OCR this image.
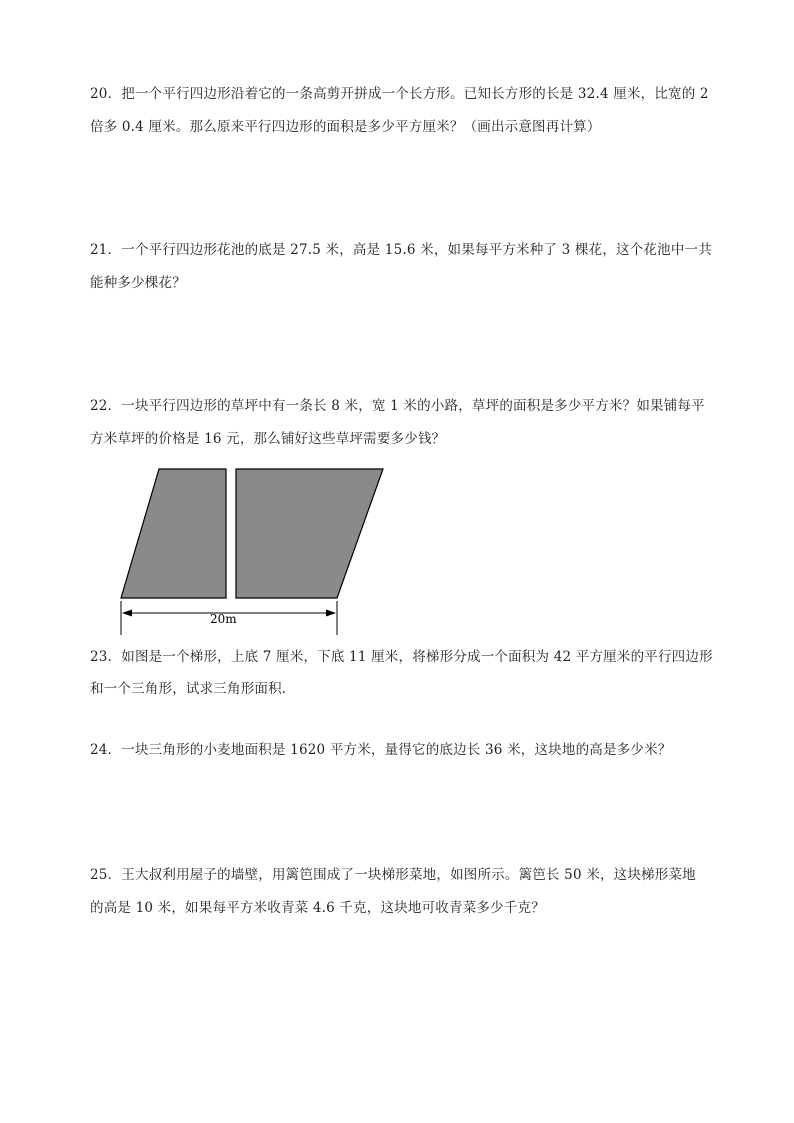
20．把一个平行四边形沿着它的一条高剪开拼成一个长方形。已知长方形的长是 32.4 厘米，比宽的 2
倍多 0.4 厘米。那么原来平行四边形的面积是多少平方厘米？（画出示意图再计算）
21．一个平行四边形花池的底是 27.5 米，高是 15.6 米，如果每平方米种了 3 棵花，这个花池中一共
能种多少棵花？
22．一块平行四边形的草坪中有一条长 8 米，宽 1 米的小路，草坪的面积是多少平方米？如果铺每平
方米草坪的价格是 16 元，那么铺好这些草坪需要多少钱？
20m
23．如图是一个梯形，上底 7 厘米，下底 11 厘米，将梯形分成一个面积为 42 平方厘米的平行四边形
和一个三角形，试求三角形面积．
24．一块三角形的小麦地面积是 1620 平方米，量得它的底边长 36 米，这块地的高是多少米？
25．王大叔利用屋子的墙壁，用篱笆围成了一块梯形菜地，如图所示。篱笆长 50 米，这块梯形菜地
的高是 10 米，如果每平方米收青菜 4.6 千克，这块地可收青菜多少千克？
